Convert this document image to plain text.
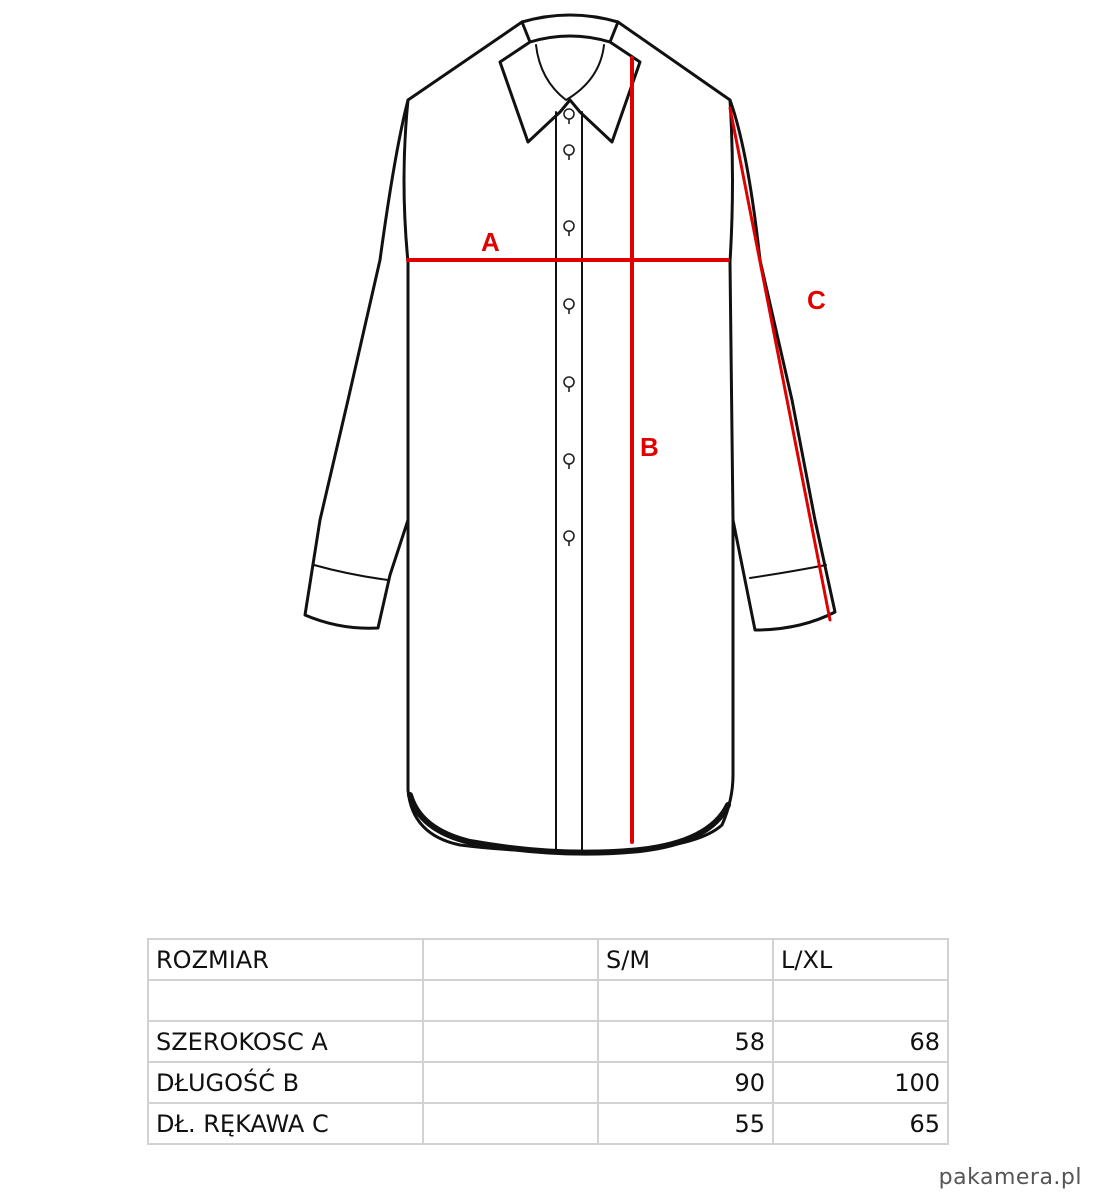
A
B
C
ROZMIAR		S/M	L/XL

SZEROKOSC A		58	68
DŁUGOŚĆ B		90	100
DŁ. RĘKAWA C		55	65
pakamera.pl
